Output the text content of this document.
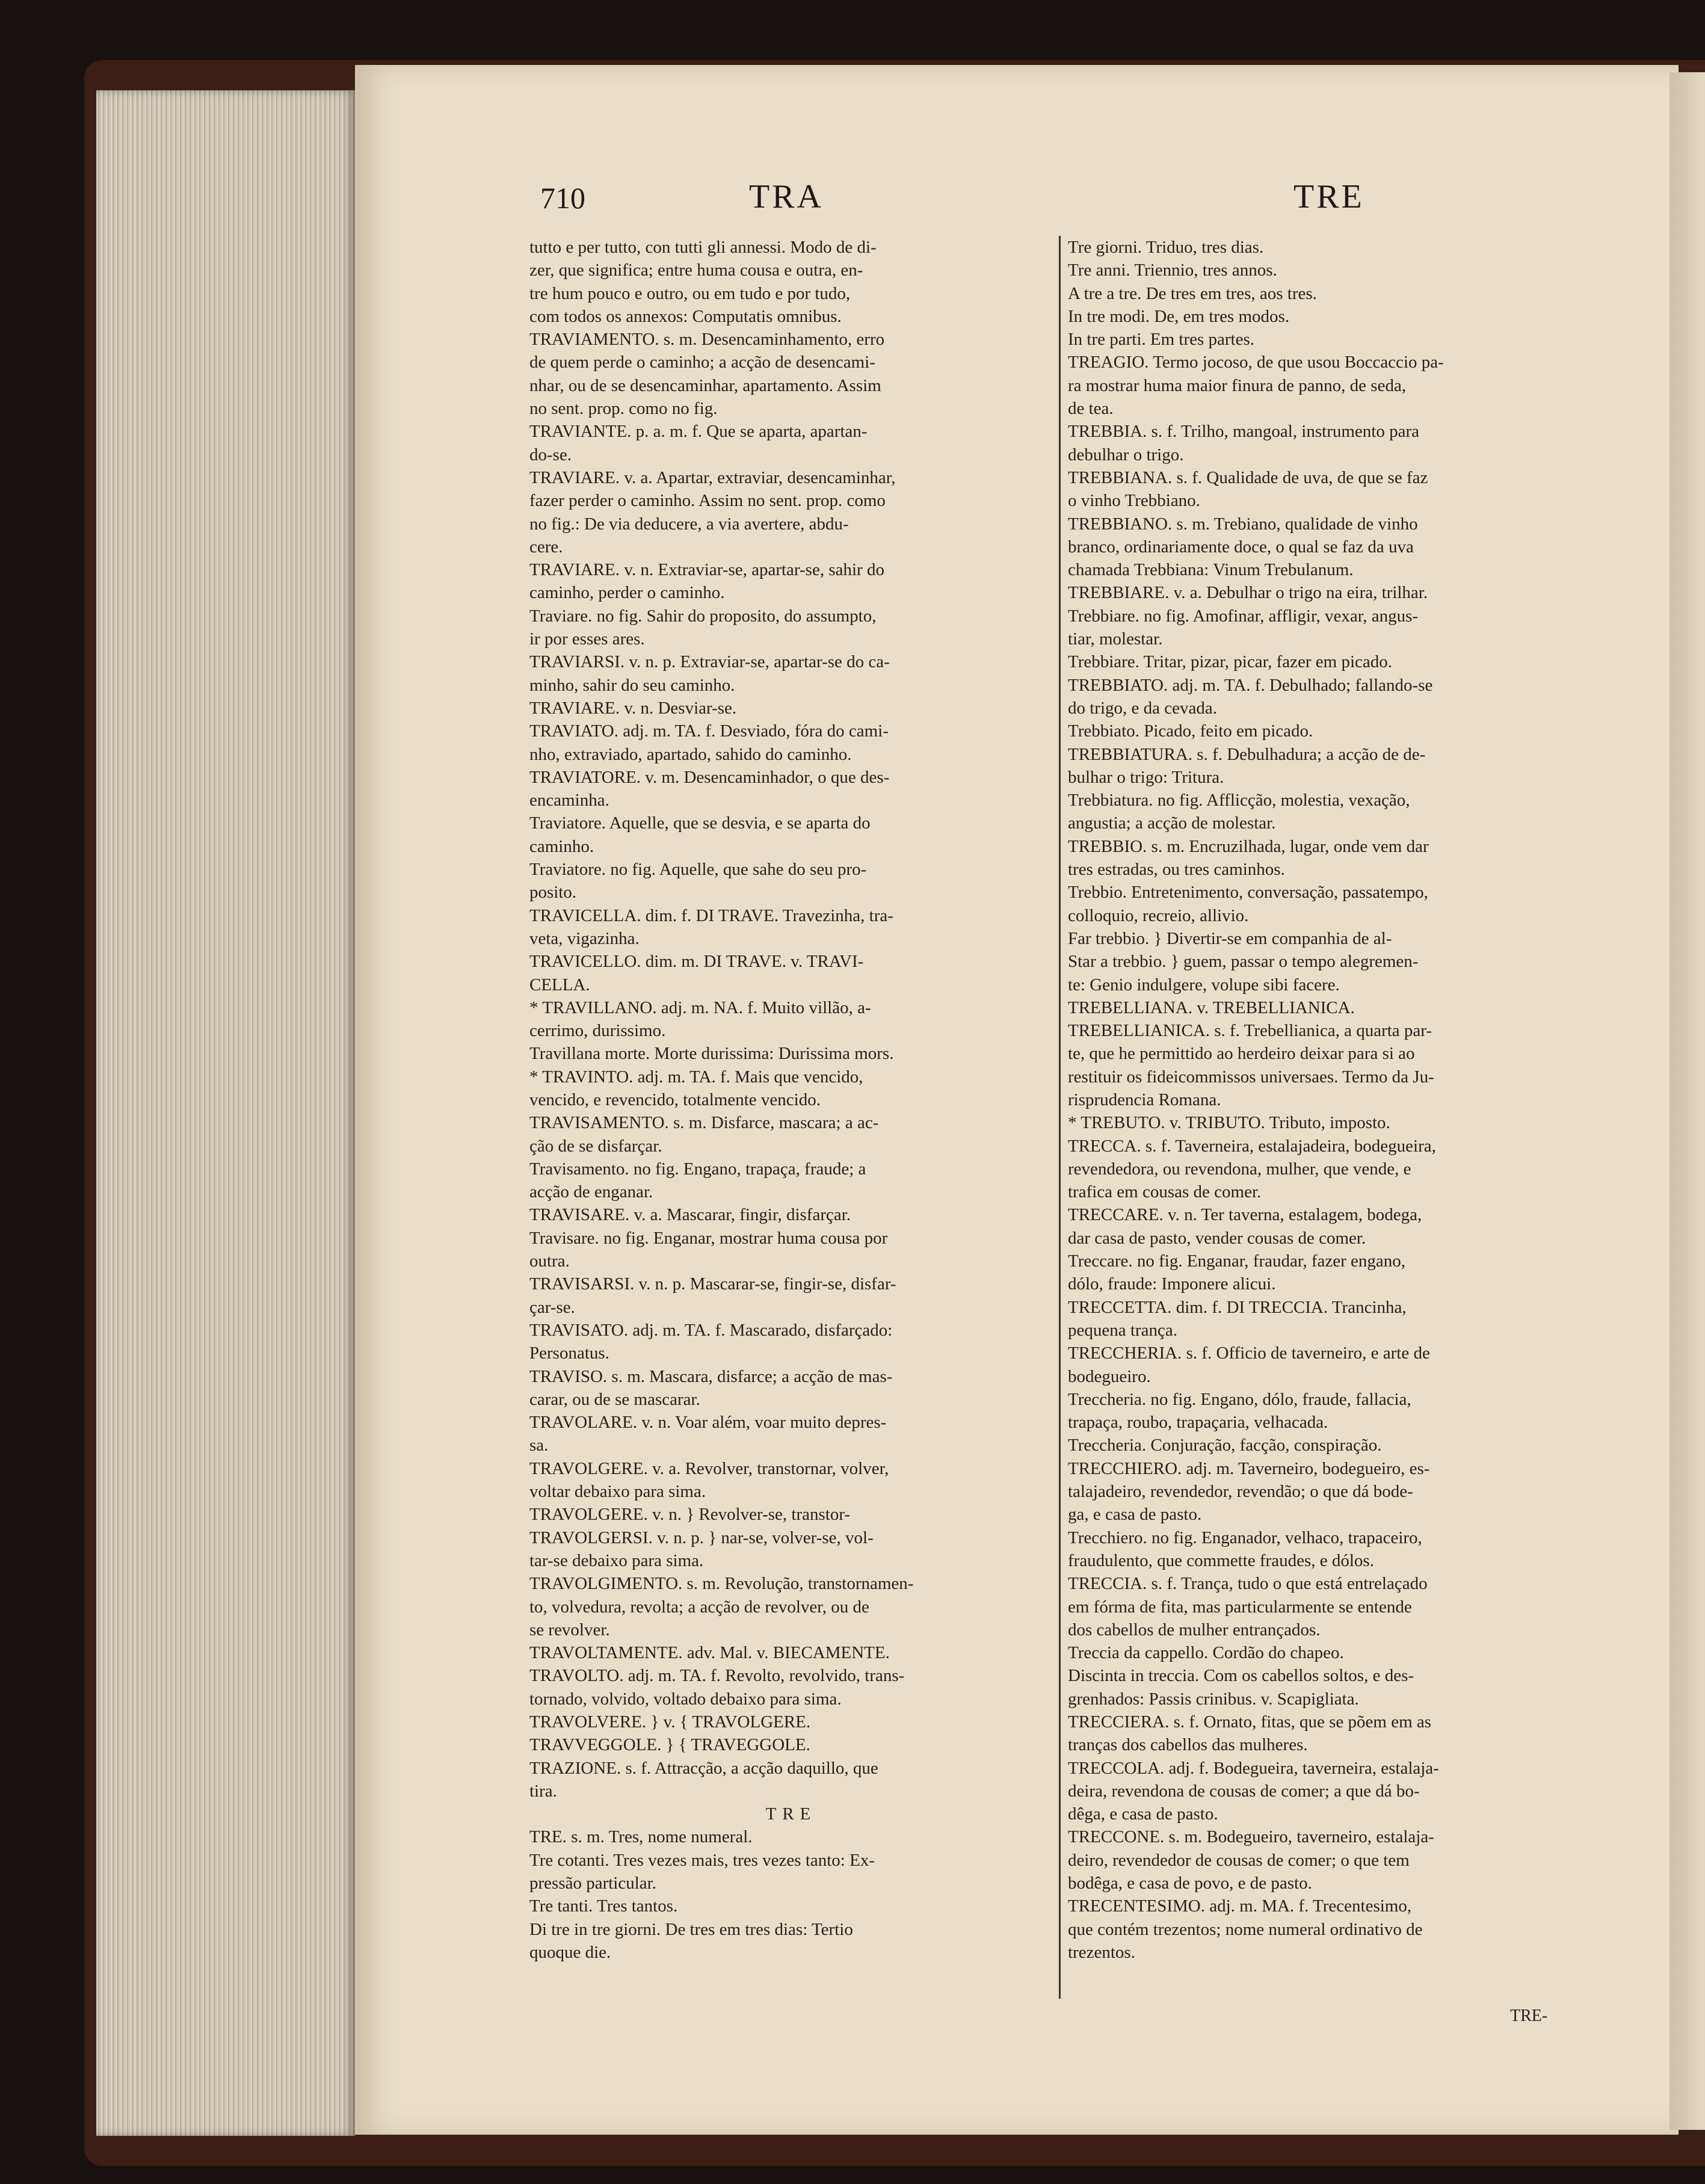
710	TRA	TRE

tutto e per tutto, con tutti gli annessi. Modo de di-

zer, que significa; entre huma cousa e outra, en-

tre hum pouco e outro, ou em tudo e por tudo,

com todos os annexos: Computatis omnibus.

TRAVIAMENTO. s. m. Desencaminhamento, erro

de quem perde o caminho; a acção de desencami-

nhar, ou de se desencaminhar, apartamento. Assim

no sent. prop. como no fig.

TRAVIANTE. p. a. m. f. Que se aparta, apartan-

do-se.

TRAVIARE. v. a. Apartar, extraviar, desencaminhar,

fazer perder o caminho. Assim no sent. prop. como

no fig.: De via deducere, a via avertere, abdu-

cere.

TRAVIARE. v. n. Extraviar-se, apartar-se, sahir do

caminho, perder o caminho.

Traviare. no fig. Sahir do proposito, do assumpto,

ir por esses ares.

TRAVIARSI. v. n. p. Extraviar-se, apartar-se do ca-

minho, sahir do seu caminho.

TRAVIARE. v. n. Desviar-se.

TRAVIATO. adj. m. TA. f. Desviado, fóra do cami-

nho, extraviado, apartado, sahido do caminho.

TRAVIATORE. v. m. Desencaminhador, o que des-

encaminha.

Traviatore. Aquelle, que se desvia, e se aparta do

caminho.

Traviatore. no fig. Aquelle, que sahe do seu pro-

posito.

TRAVICELLA. dim. f. DI TRAVE. Travezinha, tra-

veta, vigazinha.

TRAVICELLO. dim. m. DI TRAVE. v. TRAVI-

CELLA.

* TRAVILLANO. adj. m. NA. f. Muito villão, a-

cerrimo, durissimo.

Travillana morte. Morte durissima: Durissima mors.

* TRAVINTO. adj. m. TA. f. Mais que vencido,

vencido, e revencido, totalmente vencido.

TRAVISAMENTO. s. m. Disfarce, mascara; a ac-

ção de se disfarçar.

Travisamento. no fig. Engano, trapaça, fraude; a

acção de enganar.

TRAVISARE. v. a. Mascarar, fingir, disfarçar.

Travisare. no fig. Enganar, mostrar huma cousa por

outra.

TRAVISARSI. v. n. p. Mascarar-se, fingir-se, disfar-

çar-se.

TRAVISATO. adj. m. TA. f. Mascarado, disfarçado:

Personatus.

TRAVISO. s. m. Mascara, disfarce; a acção de mas-

carar, ou de se mascarar.

TRAVOLARE. v. n. Voar além, voar muito depres-

sa.

TRAVOLGERE. v. a. Revolver, transtornar, volver,

voltar debaixo para sima.

TRAVOLGERE. v. n. } Revolver-se, transtor-

TRAVOLGERSI. v. n. p. } nar-se, volver-se, vol-

tar-se debaixo para sima.

TRAVOLGIMENTO. s. m. Revolução, transtornamen-

to, volvedura, revolta; a acção de revolver, ou de

se revolver.

TRAVOLTAMENTE. adv. Mal. v. BIECAMENTE.

TRAVOLTO. adj. m. TA. f. Revolto, revolvido, trans-

tornado, volvido, voltado debaixo para sima.

TRAVOLVERE. } v. { TRAVOLGERE.

TRAVVEGGOLE. } { TRAVEGGOLE.

TRAZIONE. s. f. Attracção, a acção daquillo, que

tira.

TRE

TRE. s. m. Tres, nome numeral.

Tre cotanti. Tres vezes mais, tres vezes tanto: Ex-

pressão particular.

Tre tanti. Tres tantos.

Di tre in tre giorni. De tres em tres dias: Tertio

quoque die.

Tre giorni. Triduo, tres dias.

Tre anni. Triennio, tres annos.

A tre a tre. De tres em tres, aos tres.

In tre modi. De, em tres modos.

In tre parti. Em tres partes.

TREAGIO. Termo jocoso, de que usou Boccaccio pa-

ra mostrar huma maior finura de panno, de seda,

de tea.

TREBBIA. s. f. Trilho, mangoal, instrumento para

debulhar o trigo.

TREBBIANA. s. f. Qualidade de uva, de que se faz

o vinho Trebbiano.

TREBBIANO. s. m. Trebiano, qualidade de vinho

branco, ordinariamente doce, o qual se faz da uva

chamada Trebbiana: Vinum Trebulanum.

TREBBIARE. v. a. Debulhar o trigo na eira, trilhar.

Trebbiare. no fig. Amofinar, affligir, vexar, angus-

tiar, molestar.

Trebbiare. Tritar, pizar, picar, fazer em picado.

TREBBIATO. adj. m. TA. f. Debulhado; fallando-se

do trigo, e da cevada.

Trebbiato. Picado, feito em picado.

TREBBIATURA. s. f. Debulhadura; a acção de de-

bulhar o trigo: Tritura.

Trebbiatura. no fig. Afflicção, molestia, vexação,

angustia; a acção de molestar.

TREBBIO. s. m. Encruzilhada, lugar, onde vem dar

tres estradas, ou tres caminhos.

Trebbio. Entretenimento, conversação, passatempo,

colloquio, recreio, allivio.

Far trebbio. } Divertir-se em companhia de al-

Star a trebbio. } guem, passar o tempo alegremen-

te: Genio indulgere, volupe sibi facere.

TREBELLIANA. v. TREBELLIANICA.

TREBELLIANICA. s. f. Trebellianica, a quarta par-

te, que he permittido ao herdeiro deixar para si ao

restituir os fideicommissos universaes. Termo da Ju-

risprudencia Romana.

* TREBUTO. v. TRIBUTO. Tributo, imposto.

TRECCA. s. f. Taverneira, estalajadeira, bodegueira,

revendedora, ou revendona, mulher, que vende, e

trafica em cousas de comer.

TRECCARE. v. n. Ter taverna, estalagem, bodega,

dar casa de pasto, vender cousas de comer.

Treccare. no fig. Enganar, fraudar, fazer engano,

dólo, fraude: Imponere alicui.

TRECCETTA. dim. f. DI TRECCIA. Trancinha,

pequena trança.

TRECCHERIA. s. f. Officio de taverneiro, e arte de

bodegueiro.

Treccheria. no fig. Engano, dólo, fraude, fallacia,

trapaça, roubo, trapaçaria, velhacada.

Treccheria. Conjuração, facção, conspiração.

TRECCHIERO. adj. m. Taverneiro, bodegueiro, es-

talajadeiro, revendedor, revendão; o que dá bode-

ga, e casa de pasto.

Trecchiero. no fig. Enganador, velhaco, trapaceiro,

fraudulento, que commette fraudes, e dólos.

TRECCIA. s. f. Trança, tudo o que está entrelaçado

em fórma de fita, mas particularmente se entende

dos cabellos de mulher entrançados.

Treccia da cappello. Cordão do chapeo.

Discinta in treccia. Com os cabellos soltos, e des-

grenhados: Passis crinibus. v. Scapigliata.

TRECCIERA. s. f. Ornato, fitas, que se põem em as

tranças dos cabellos das mulheres.

TRECCOLA. adj. f. Bodegueira, taverneira, estalaja-

deira, revendona de cousas de comer; a que dá bo-

dêga, e casa de pasto.

TRECCONE. s. m. Bodegueiro, taverneiro, estalaja-

deiro, revendedor de cousas de comer; o que tem

bodêga, e casa de povo, e de pasto.

TRECENTESIMO. adj. m. MA. f. Trecentesimo,

que contém trezentos; nome numeral ordinativo de

trezentos.

TRE-
